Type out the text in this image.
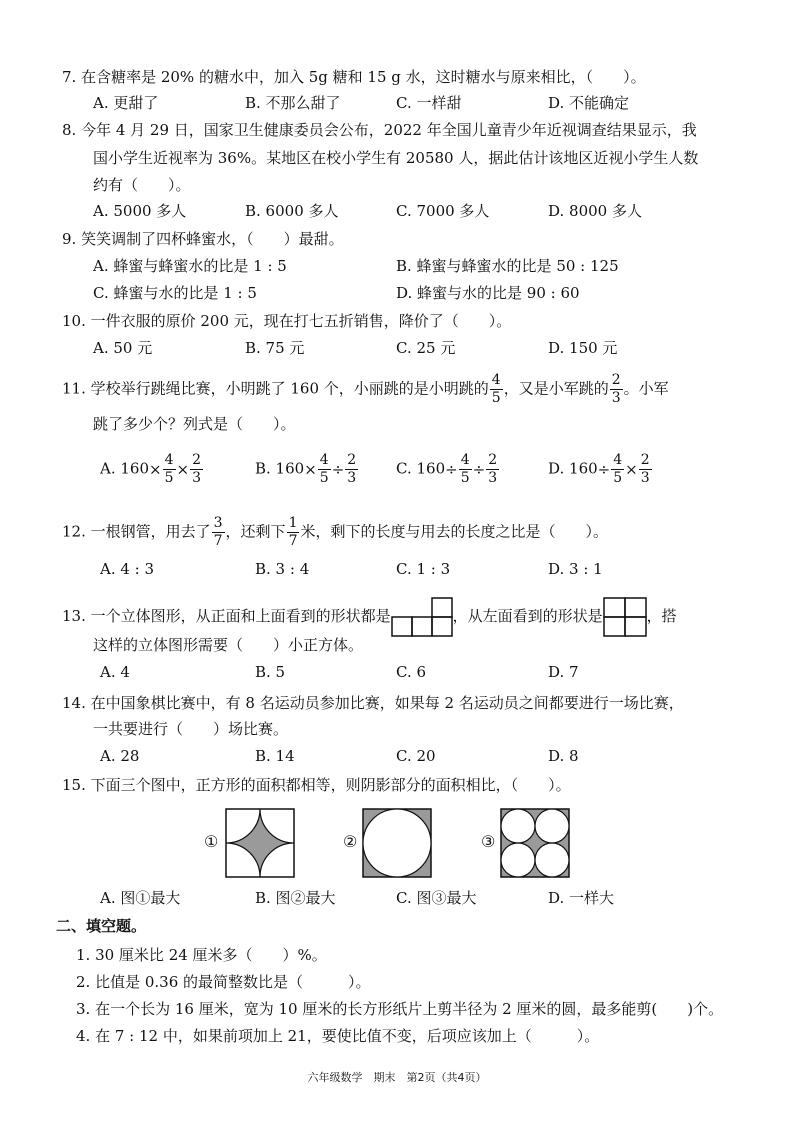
7. 在含糖率是 20% 的糖水中，加入 5g 糖和 15 g 水，这时糖水与原来相比，（　　）。
A. 更甜了	B. 不那么甜了	C. 一样甜	D. 不能确定
8. 今年 4 月 29 日，国家卫生健康委员会公布，2022 年全国儿童青少年近视调查结果显示，我
国小学生近视率为 36%。某地区在校小学生有 20580 人，据此估计该地区近视小学生人数
约有（　　）。
A. 5000 多人	B. 6000 多人	C. 7000 多人	D. 8000 多人
9. 笑笑调制了四杯蜂蜜水，（　　）最甜。
A. 蜂蜜与蜂蜜水的比是 1 : 5	B. 蜂蜜与蜂蜜水的比是 50 : 125
C. 蜂蜜与水的比是 1 : 5	D. 蜂蜜与水的比是 90 : 60
10. 一件衣服的原价 200 元，现在打七五折销售，降价了（　　）。
A. 50 元	B. 75 元	C. 25 元	D. 150 元
11. 学校举行跳绳比赛，小明跳了 160 个，小丽跳的是小明跳的 $\frac{4}{5}$ ，又是小军跳的 $\frac{2}{3}$ 。小军
跳了多少个？列式是（　　）。
A. $160\times \frac{4}{5} \times \frac{2}{3}$	B. $160\times \frac{4}{5} \div \frac{2}{3}$	C. $160\div \frac{4}{5} \div \frac{2}{3}$	D. $160\div \frac{4}{5} \times \frac{2}{3}$
12. 一根钢管，用去了 $\frac{3}{7}$ ，还剩下 $\frac{1}{7}$ 米，剩下的长度与用去的长度之比是（　　）。
A. 4 : 3	B. 3 : 4	C. 1 : 3	D. 3 : 1
13. 一个立体图形，从正面和上面看到的形状都是	，从左面看到的形状是	，搭
这样的立体图形需要（　　）小正方体。
A. 4	B. 5	C. 6	D. 7
14. 在中国象棋比赛中，有 8 名运动员参加比赛，如果每 2 名运动员之间都要进行一场比赛，
一共要进行（　　）场比赛。
A. 28	B. 14	C. 20	D. 8
15. 下面三个图中，正方形的面积都相等，则阴影部分的面积相比，（　　）。
①	②	③
A. 图①最大	B. 图②最大	C. 图③最大	D. 一样大
二、填空题。
1. 30 厘米比 24 厘米多（　　）%。
2. 比值是 0.36 的最简整数比是（　　　）。
3. 在一个长为 16 厘米，宽为 10 厘米的长方形纸片上剪半径为 2 厘米的圆，最多能剪(　　)个。
4. 在 7 : 12 中，如果前项加上 21，要使比值不变，后项应该加上（　　　）。
六年级数学　期末　第2页（共4页）
